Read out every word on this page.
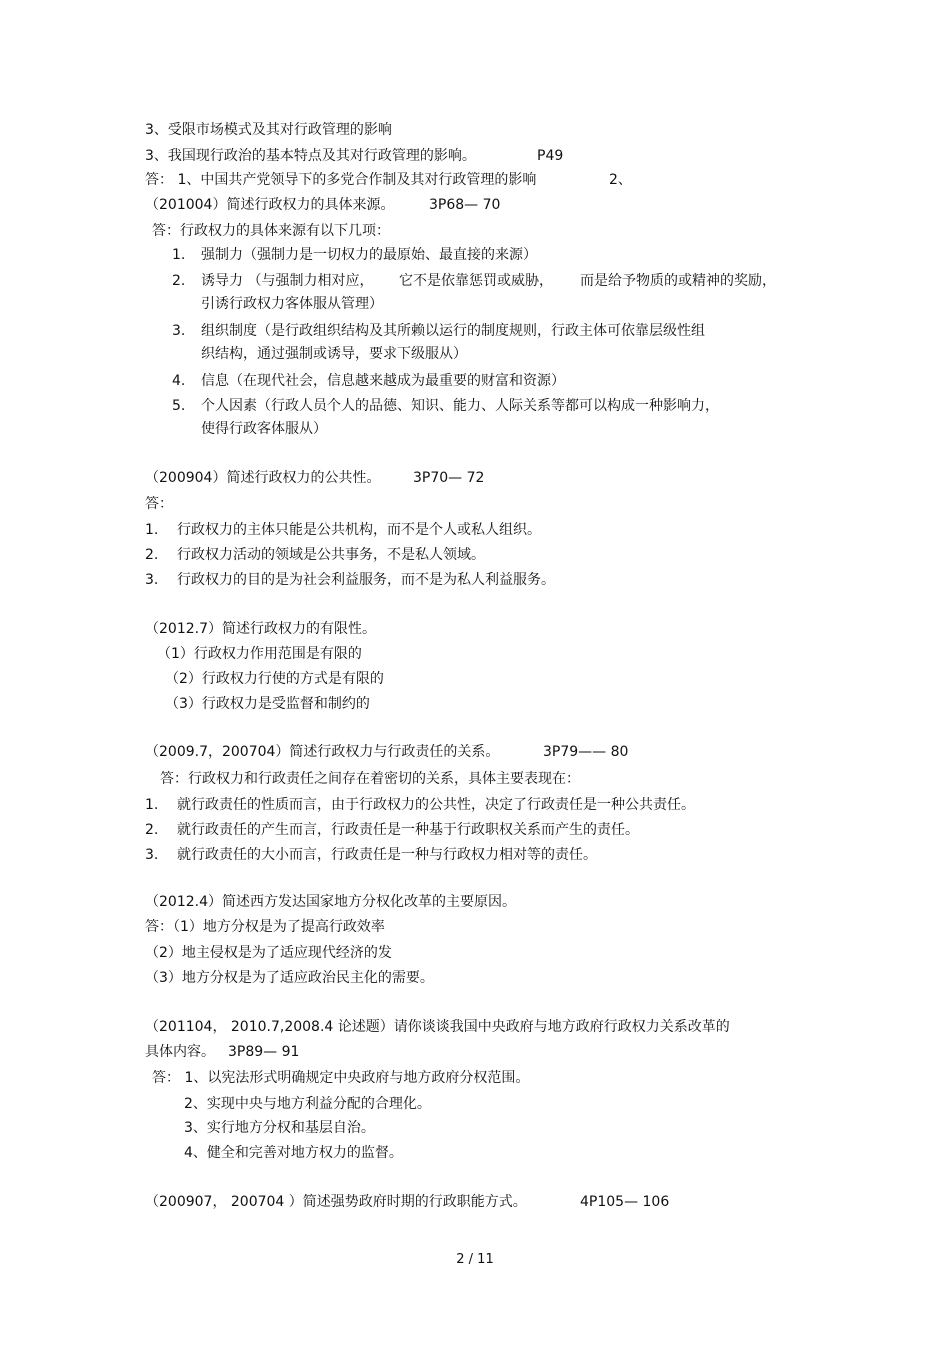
3、受限市场模式及其对行政管理的影响
3、我国现行政治的基本特点及其对行政管理的影响。	P49
答： 1、中国共产党领导下的多党合作制及其对行政管理的影响	2、
（201004）简述行政权力的具体来源。 3P68— 70
答：行政权力的具体来源有以下几项：
1. 强制力（强制力是一切权力的最原始、最直接的来源）
2. 诱导力 （与强制力相对应， 它不是依靠惩罚或威胁， 而是给予物质的或精神的奖励，
引诱行政权力客体服从管理）
3. 组织制度（是行政组织结构及其所赖以运行的制度规则，行政主体可依靠层级性组
织结构，通过强制或诱导，要求下级服从）
4. 信息（在现代社会，信息越来越成为最重要的财富和资源）
5. 个人因素（行政人员个人的品德、知识、能力、人际关系等都可以构成一种影响力，
使得行政客体服从）
（200904）简述行政权力的公共性。 3P70— 72
答：
1. 行政权力的主体只能是公共机构，而不是个人或私人组织。
2. 行政权力活动的领域是公共事务，不是私人领域。
3. 行政权力的目的是为社会利益服务，而不是为私人利益服务。
（2012.7）简述行政权力的有限性。
（1）行政权力作用范围是有限的
（2）行政权力行使的方式是有限的
（3）行政权力是受监督和制约的
（2009.7，200704）简述行政权力与行政责任的关系。	3P79—— 80
答：行政权力和行政责任之间存在着密切的关系，具体主要表现在：
1. 就行政责任的性质而言，由于行政权力的公共性，决定了行政责任是一种公共责任。
2. 就行政责任的产生而言，行政责任是一种基于行政职权关系而产生的责任。
3. 就行政责任的大小而言，行政责任是一种与行政权力相对等的责任。
（2012.4）简述西方发达国家地方分权化改革的主要原因。
答：（1）地方分权是为了提高行政效率
（2）地主侵权是为了适应现代经济的发
（3）地方分权是为了适应政治民主化的需要。
（201104， 2010.7,2008.4 论述题）请你谈谈我国中央政府与地方政府行政权力关系改革的
具体内容。 3P89— 91
答： 1、以宪法形式明确规定中央政府与地方政府分权范围。
2、实现中央与地方利益分配的合理化。
3、实行地方分权和基层自治。
4、健全和完善对地方权力的监督。
（200907， 200704 ）简述强势政府时期的行政职能方式。	4P105— 106
2 / 11
